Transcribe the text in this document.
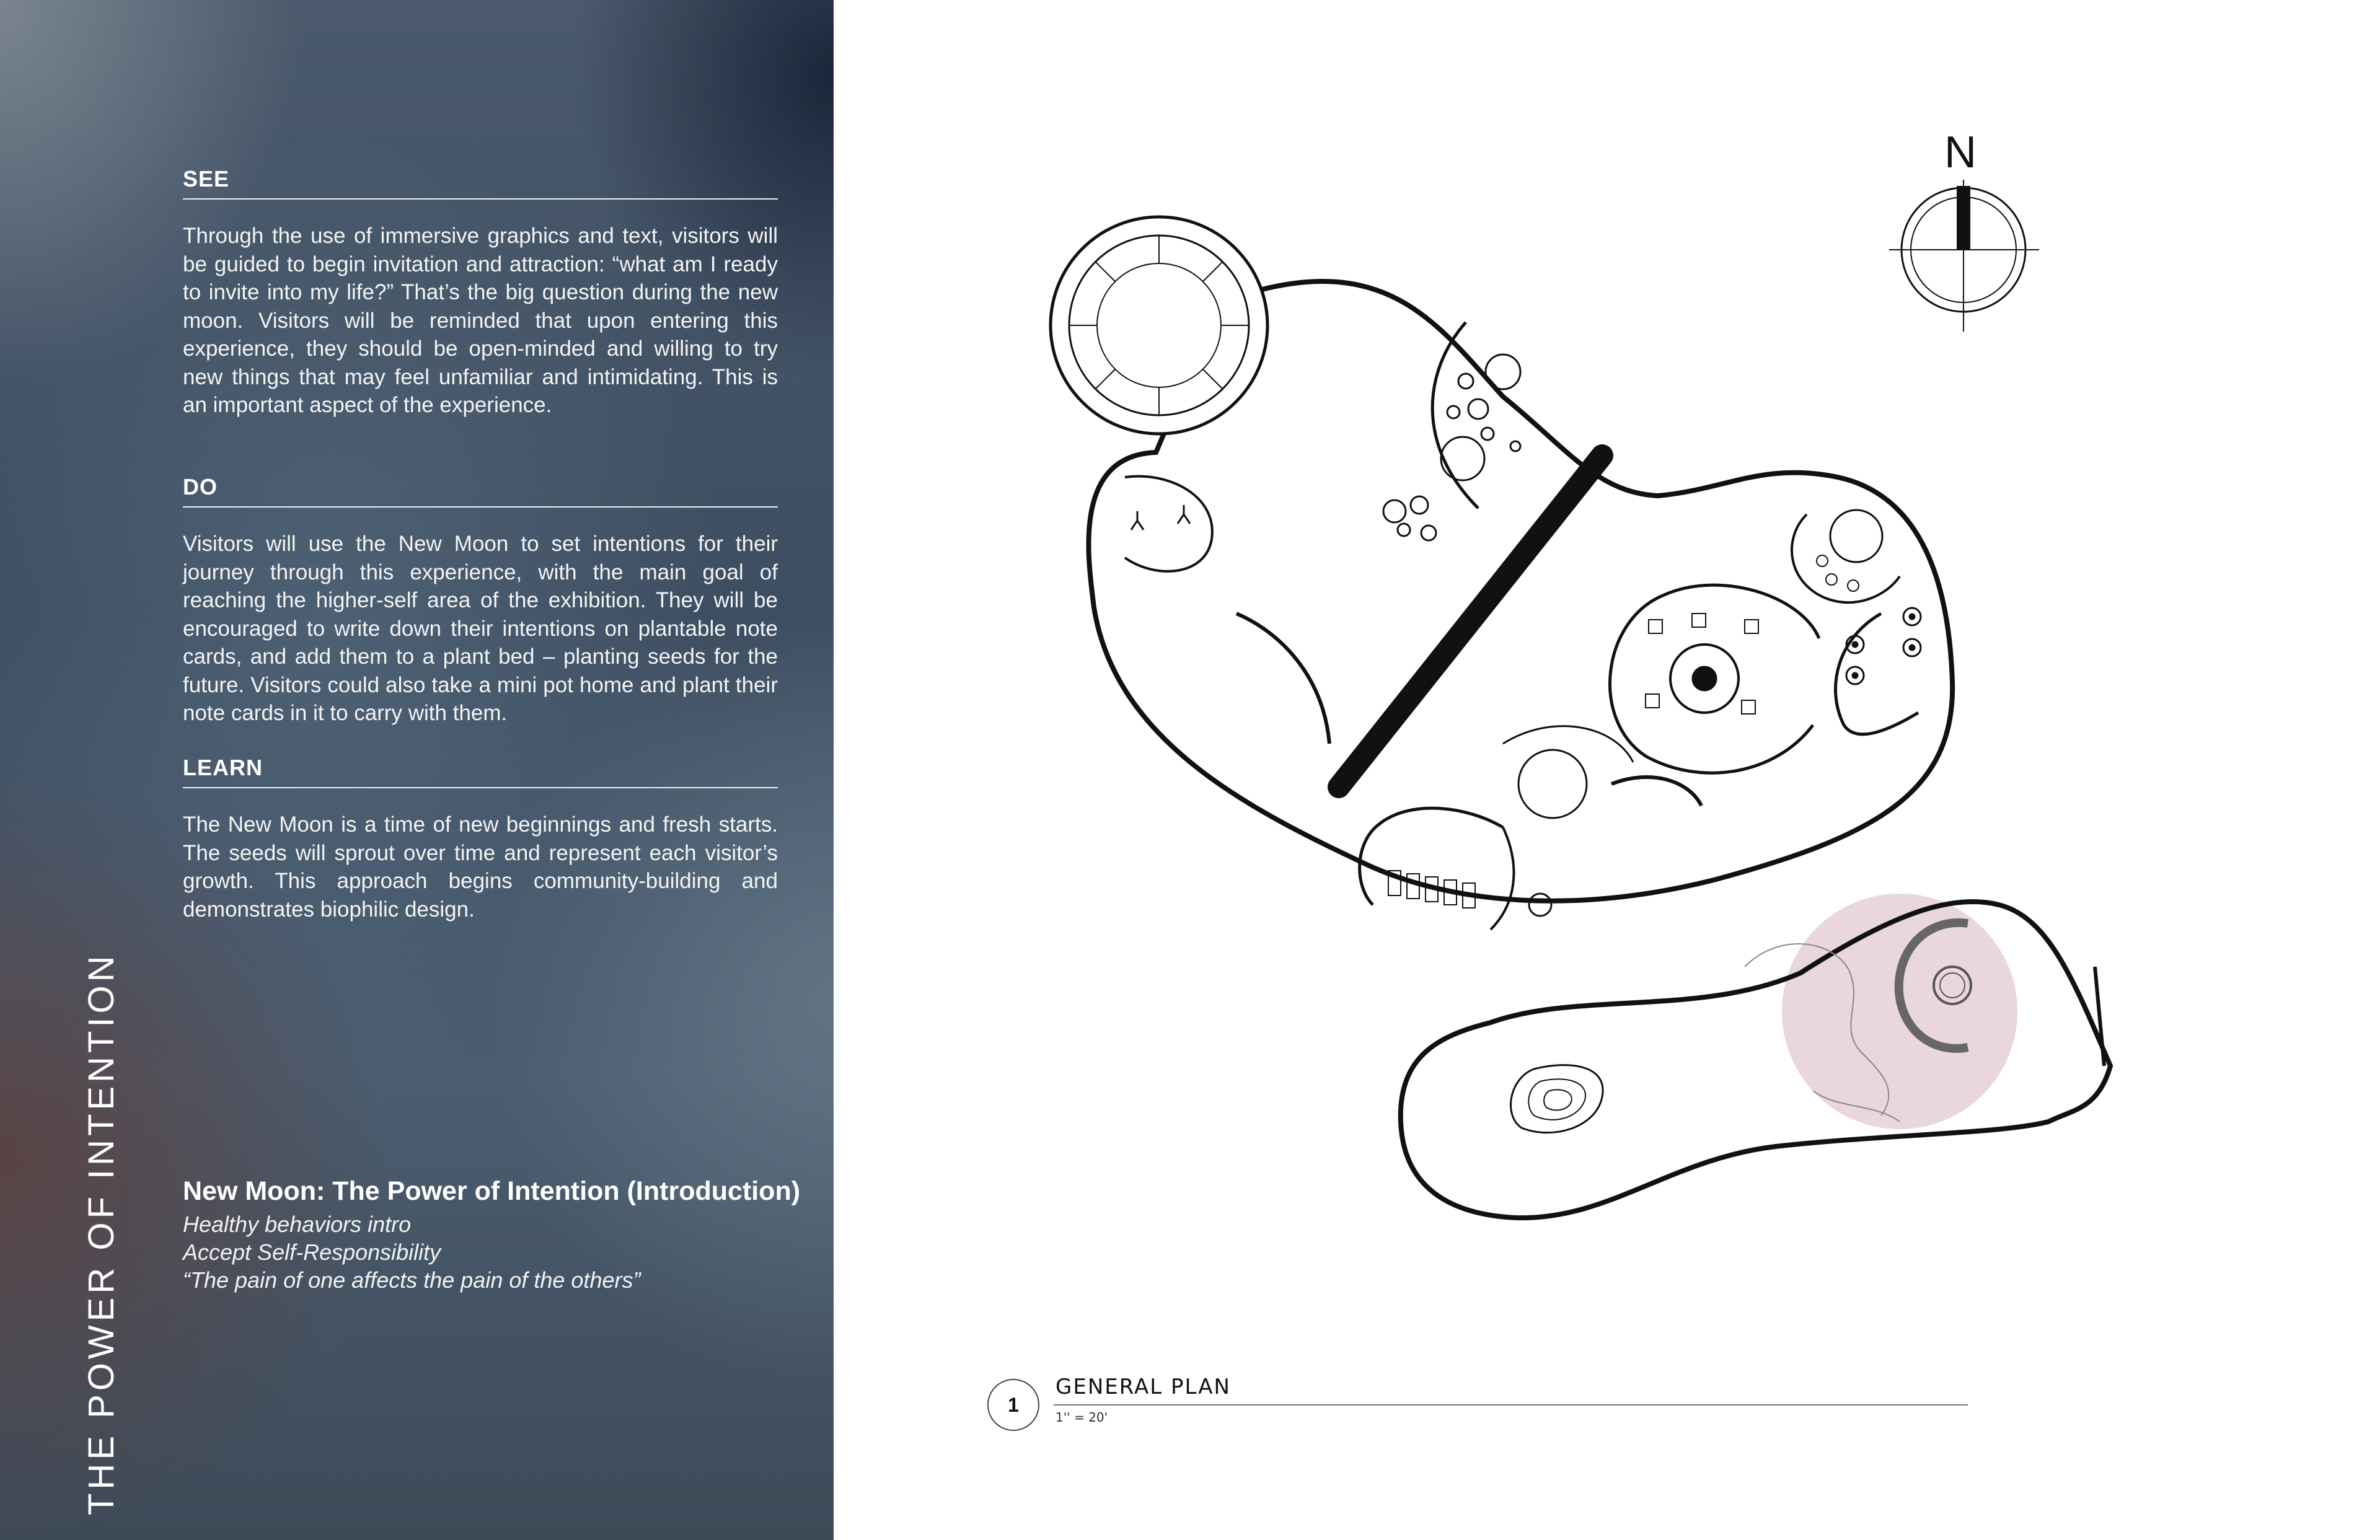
SEE
Through the use of immersive graphics and text, visitors will be guided to begin invitation and attraction: “what am I ready to invite into my life?” That’s the big question during the new moon. Visitors will be reminded that upon entering this experience, they should be open-minded and willing to try new things that may feel unfamiliar and intimidating. This is an important aspect of the experience.
DO
Visitors will use the New Moon to set intentions for their journey through this experience, with the main goal of reaching the higher-self area of the exhibition. They will be encouraged to write down their intentions on plantable note cards, and add them to a plant bed – planting seeds for the future. Visitors could also take a mini pot home and plant their note cards in it to carry with them.
LEARN
The New Moon is a time of new beginnings and fresh starts. The seeds will sprout over time and represent each visitor’s growth. This approach begins community-building and demonstrates biophilic design.
New Moon: The Power of Intention (Introduction)
Healthy behaviors intro
Accept Self-Responsibility
“The pain of one affects the pain of the others”
THE POWER OF INTENTION
N
1
GENERAL PLAN
1'' = 20'
